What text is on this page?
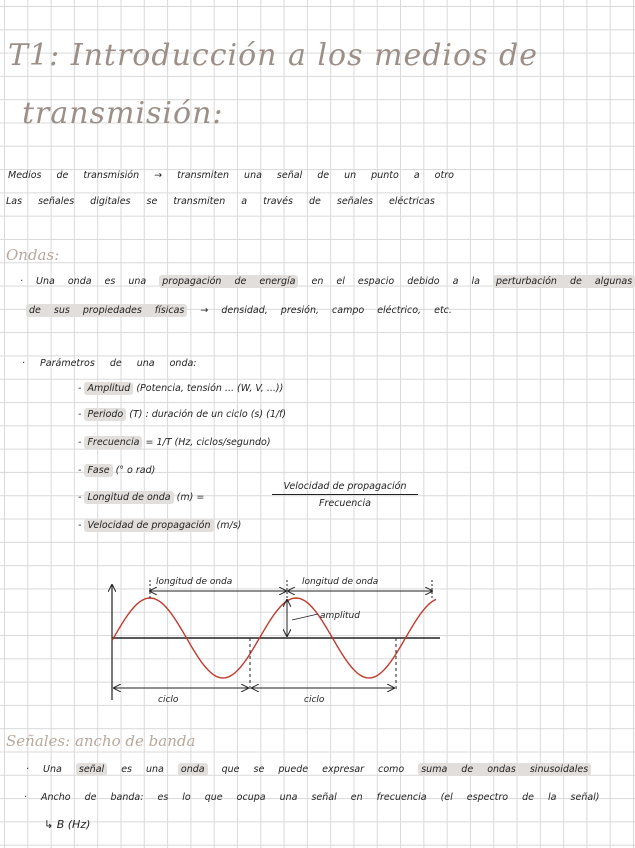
T1: Introducción a los medios de
transmisión:
Medios de transmisión → transmiten una señal de un punto a otro
Las señales digitales se transmiten a través de señales eléctricas
Ondas:
· Una onda es una propagación de energía en el espacio debido a la perturbación de algunas
de sus propiedades físicas → densidad, presión, campo eléctrico, etc.
· Parámetros de una onda:
- Amplitud (Potencia, tensión ... (W, V, ...))
- Periodo (T) : duración de un ciclo (s) (1/f)
- Frecuencia = 1/T (Hz, ciclos/segundo)
- Fase (° o rad)
- Longitud de onda (m) =
Velocidad de propagación
Frecuencia
- Velocidad de propagación (m/s)
longitud de onda	longitud de onda
amplitud
ciclo	ciclo
Señales: ancho de banda
· Una señal es una onda que se puede expresar como suma de ondas sinusoidales
· Ancho de banda: es lo que ocupa una señal en frecuencia (el espectro de la señal)
↳ B (Hz)
